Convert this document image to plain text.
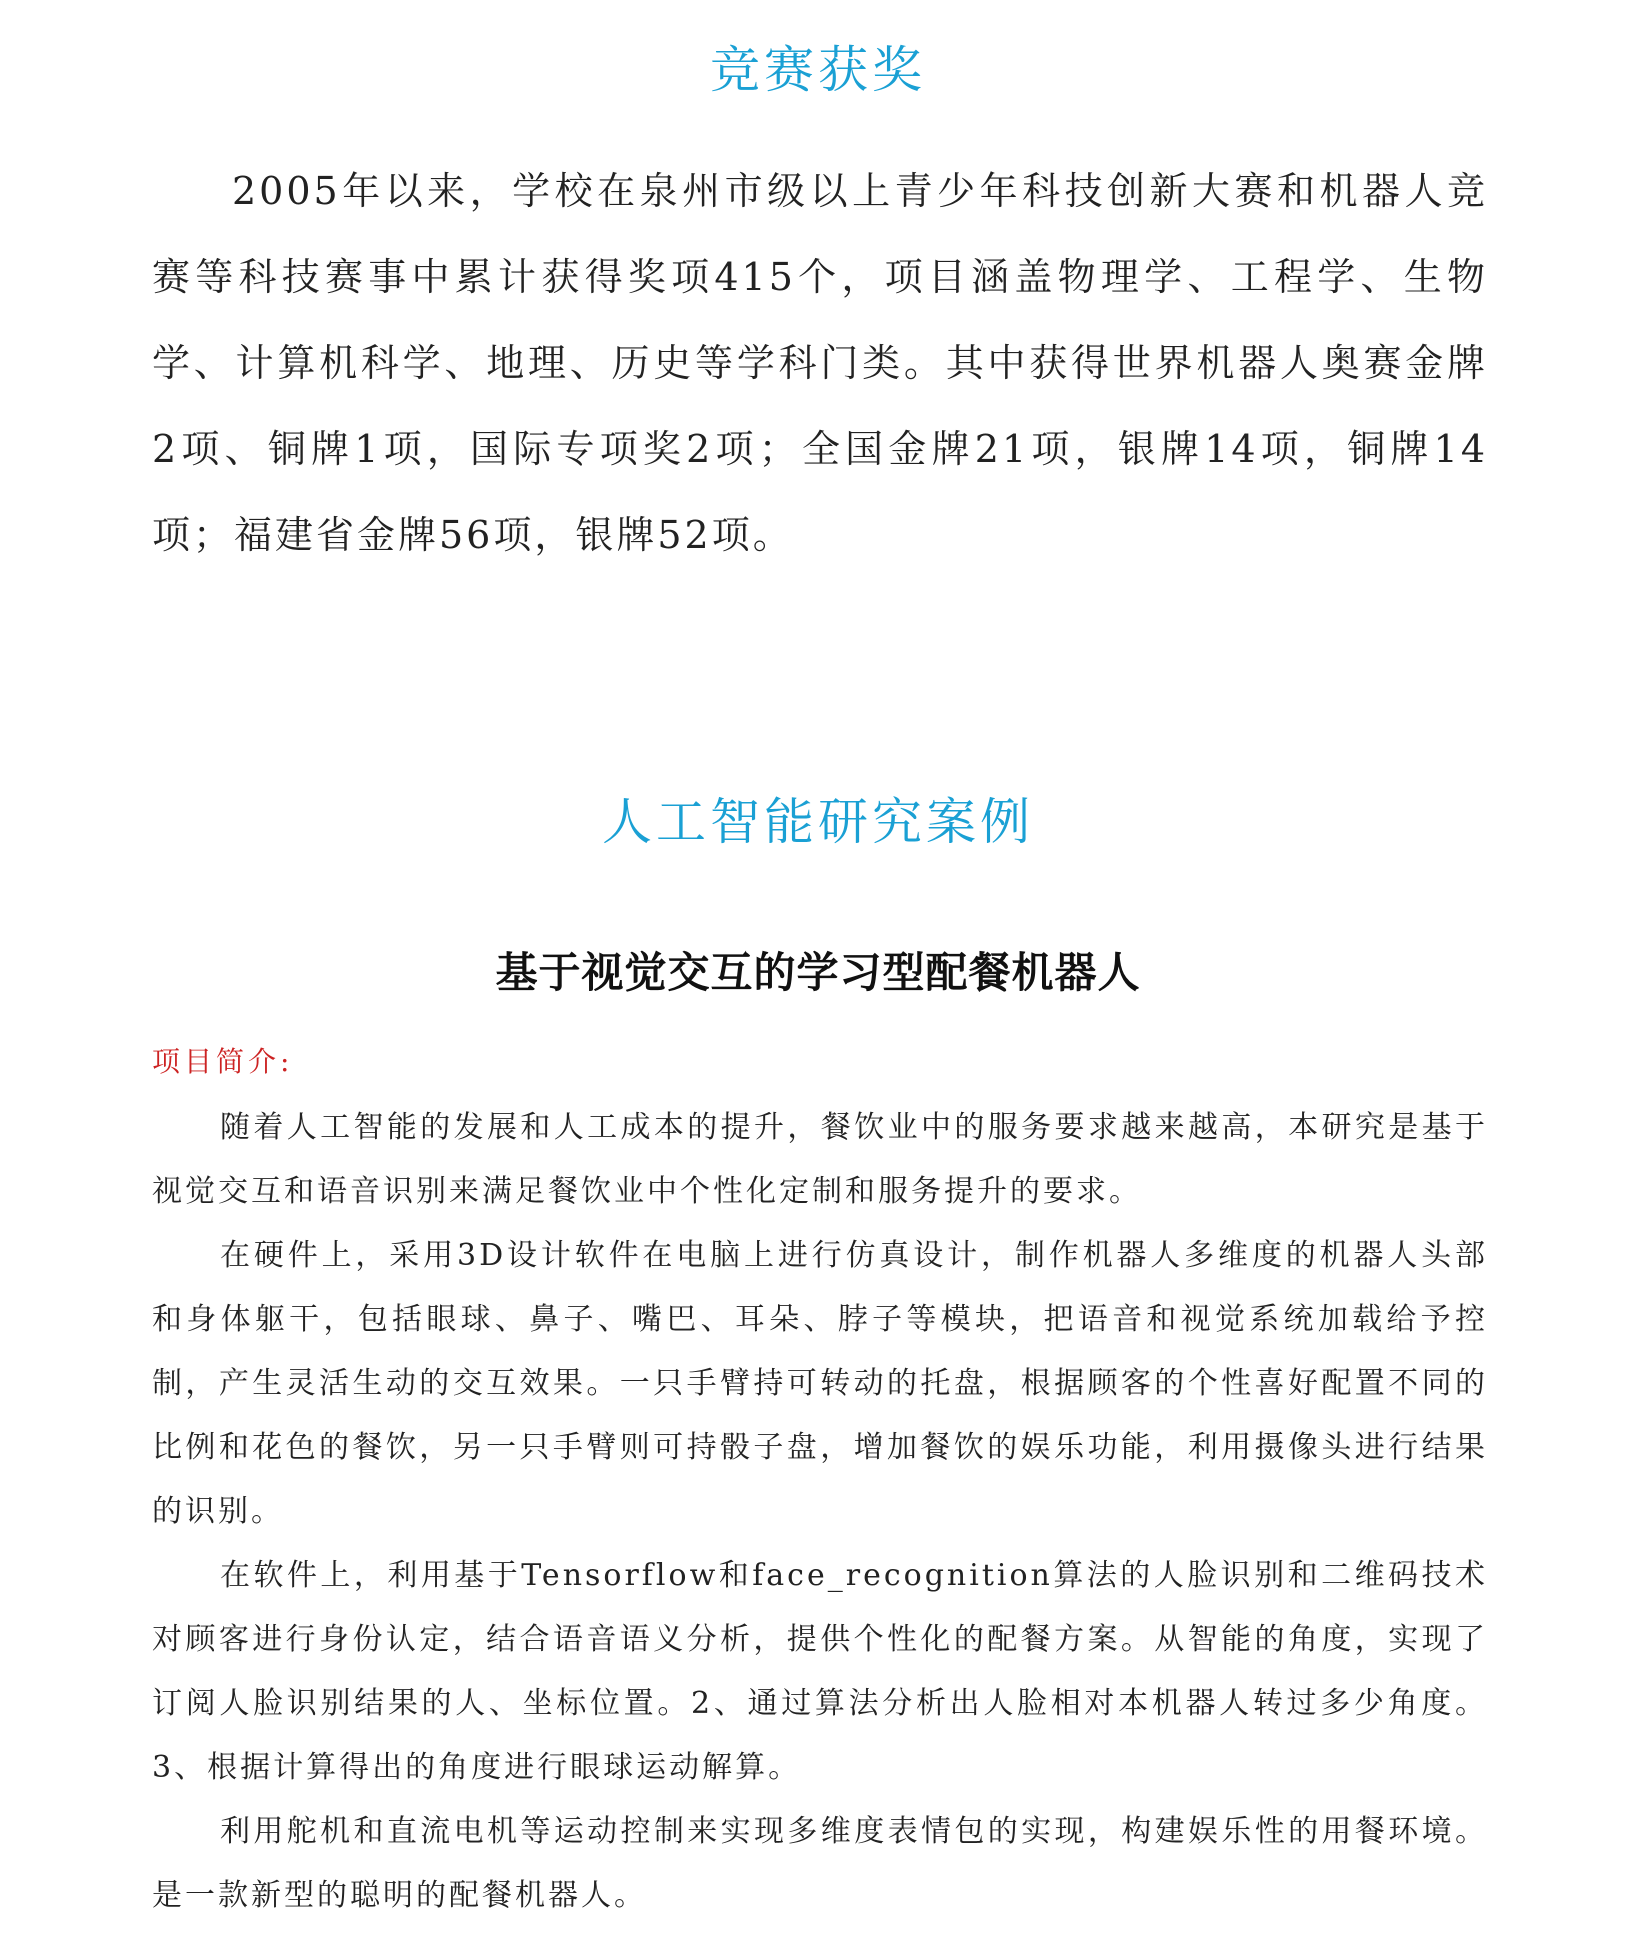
竞赛获奖

2005年以来，学校在泉州市级以上青少年科技创新大赛和机器人竞赛等科技赛事中累计获得奖项415个，项目涵盖物理学、工程学、生物学、计算机科学、地理、历史等学科门类。其中获得世界机器人奥赛金牌2项、铜牌1项，国际专项奖2项；全国金牌21项，银牌14项，铜牌14项；福建省金牌56项，银牌52项。

人工智能研究案例
基于视觉交互的学习型配餐机器人
项目简介:

随着人工智能的发展和人工成本的提升，餐饮业中的服务要求越来越高，本研究是基于视觉交互和语音识别来满足餐饮业中个性化定制和服务提升的要求。

在硬件上，采用3D设计软件在电脑上进行仿真设计，制作机器人多维度的机器人头部和身体躯干，包括眼球、鼻子、嘴巴、耳朵、脖子等模块，把语音和视觉系统加载给予控制，产生灵活生动的交互效果。一只手臂持可转动的托盘，根据顾客的个性喜好配置不同的比例和花色的餐饮，另一只手臂则可持骰子盘，增加餐饮的娱乐功能，利用摄像头进行结果的识别。

在软件上，利用基于Tensorflow和face_recognition算法的人脸识别和二维码技术对顾客进行身份认定，结合语音语义分析，提供个性化的配餐方案。从智能的角度，实现了订阅人脸识别结果的人、坐标位置。2、通过算法分析出人脸相对本机器人转过多少角度。3、根据计算得出的角度进行眼球运动解算。

利用舵机和直流电机等运动控制来实现多维度表情包的实现，构建娱乐性的用餐环境。是一款新型的聪明的配餐机器人。
